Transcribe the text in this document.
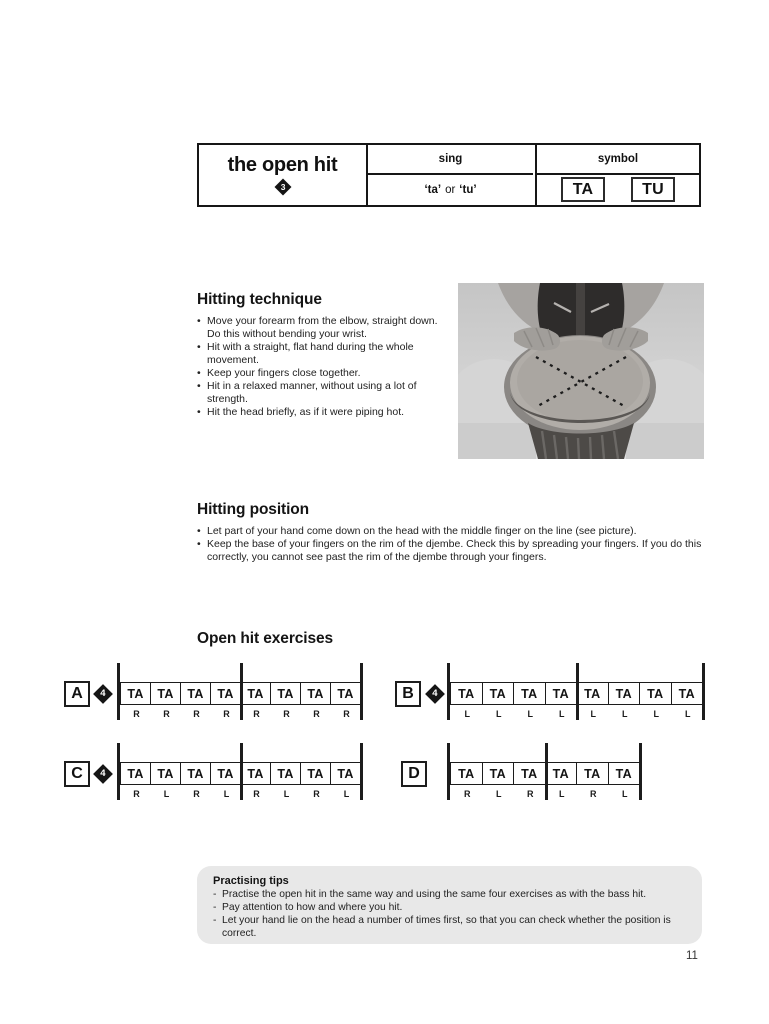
the open hit
3
sing
‘ta’ or ‘tu’
symbol
TA	TU
Hitting technique
• Move your forearm from the elbow, straight down. Do this without bending your wrist.
• Hit with a straight, flat hand during the whole movement.
• Keep your fingers close together.
• Hit in a relaxed manner, without using a lot of strength.
• Hit the head briefly, as if it were piping hot.
Hitting position
• Let part of your hand come down on the head with the middle finger on the line (see picture).
• Keep the base of your fingers on the rim of the djembe. Check this by spreading your fingers. If you do this correctly, you cannot see past the rim of the djembe through your fingers.
Open hit exercises
A	4	TA	TA	TA	TA	TA	TA	TA	TA
R	R	R	R	R	R	R	R
B	4	TA	TA	TA	TA	TA	TA	TA	TA
L	L	L	L	L	L	L	L
C	4	TA	TA	TA	TA	TA	TA	TA	TA
R	L	R	L	R	L	R	L
D	TA	TA	TA	TA	TA	TA
R	L	R	L	R	L
Practising tips
- Practise the open hit in the same way and using the same four exercises as with the bass hit.
- Pay attention to how and where you hit.
- Let your hand lie on the head a number of times first, so that you can check whether the position is correct.
11
